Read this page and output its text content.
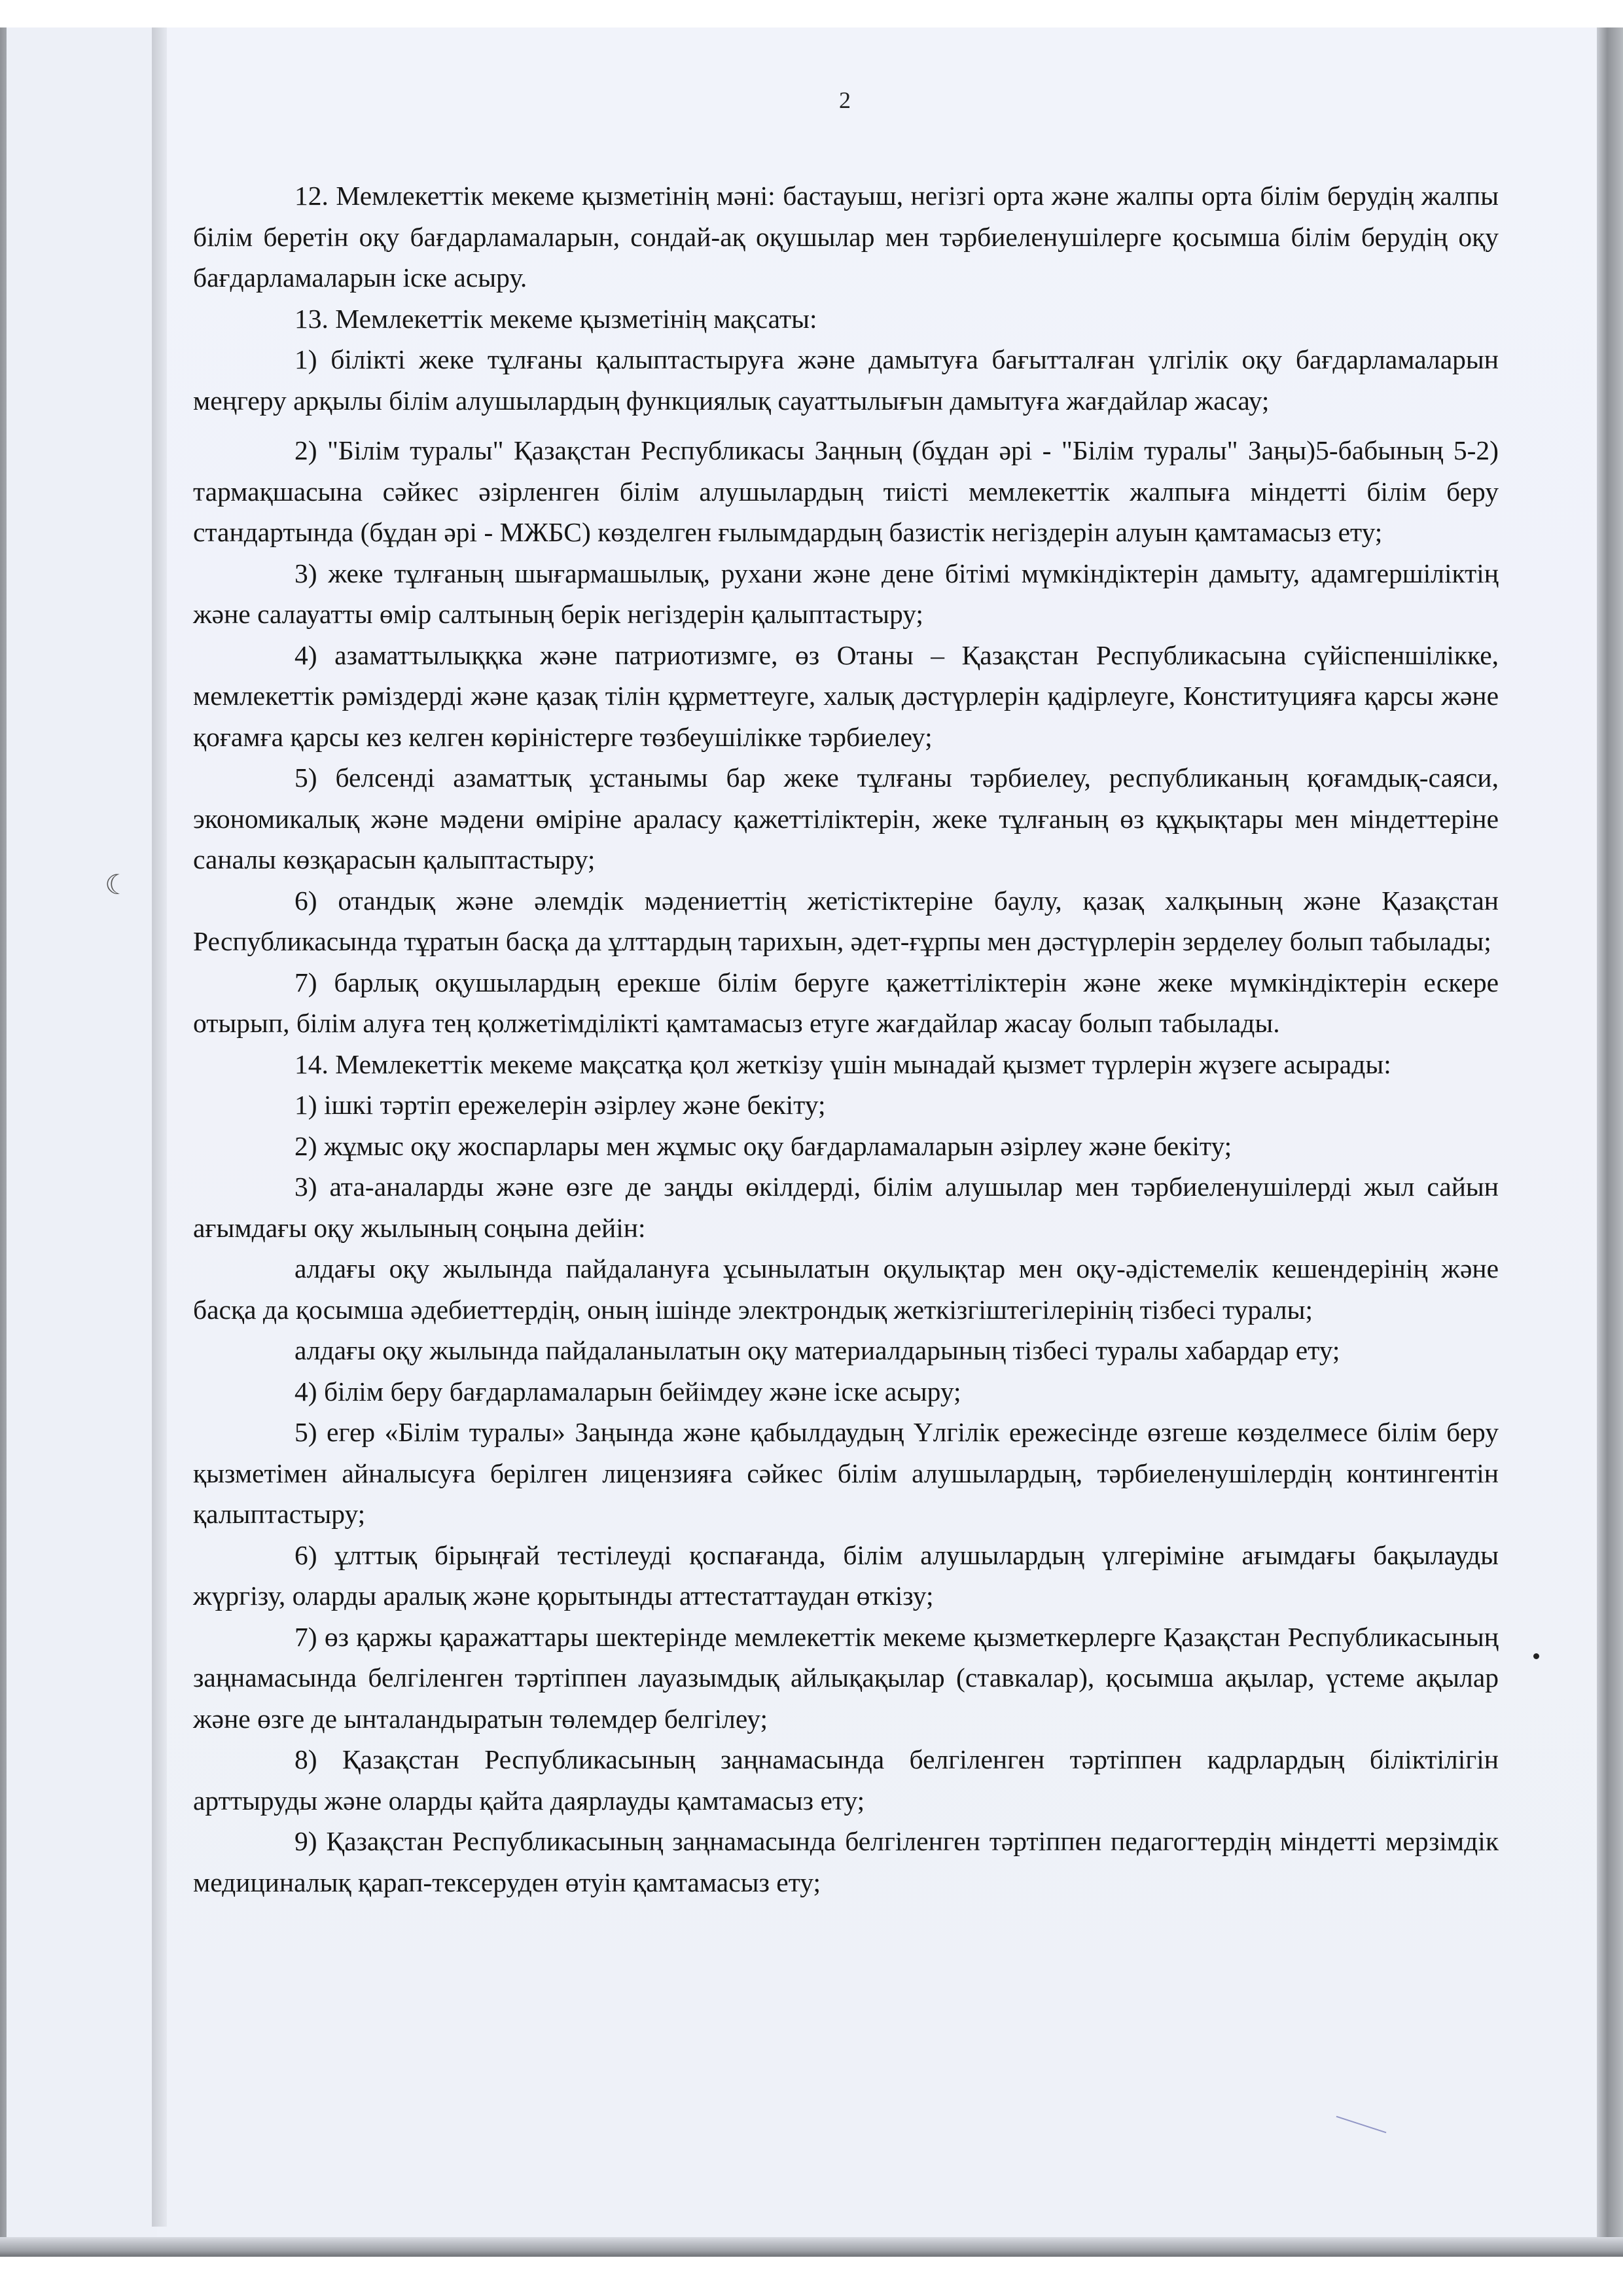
☾
2

12. Мемлекеттік мекеме қызметінің мәні: бастауыш, негізгі орта және жалпы орта білім берудің жалпы білім беретін оқу бағдарламаларын, сондай-ақ оқушылар мен тәрбиеленушілерге қосымша білім берудің оқу бағдарламаларын іске асыру.

13. Мемлекеттік мекеме қызметінің мақсаты:

1) білікті жеке тұлғаны қалыптастыруға және дамытуға бағытталған үлгілік оқу бағдарламаларын меңгеру арқылы білім алушылардың функциялық сауаттылығын дамытуға жағдайлар жасау;

2) "Білім туралы" Қазақстан Республикасы Заңның (бұдан әрі - "Білім туралы" Заңы)5-бабының 5-2) тармақшасына сәйкес әзірленген білім алушылардың тиісті мемлекеттік жалпыға міндетті білім беру стандартында (бұдан әрі - МЖБС) көзделген ғылымдардың базистік негіздерін алуын қамтамасыз ету;

3) жеке тұлғаның шығармашылық, рухани және дене бітімі мүмкіндіктерін дамыту, адамгершіліктің және салауатты өмір салтының берік негіздерін қалыптастыру;

4) азаматтылыққка және патриотизмге, өз Отаны – Қазақстан Республикасына сүйіспеншілікке, мемлекеттік рәміздерді және қазақ тілін құрметтеуге, халық дәстүрлерін қадірлеуге, Конституцияға қарсы және қоғамға қарсы кез келген көріністерге төзбеушілікке тәрбиелеу;

5) белсенді азаматтық ұстанымы бар жеке тұлғаны тәрбиелеу, республиканың қоғамдық-саяси, экономикалық және мәдени өміріне араласу қажеттіліктерін, жеке тұлғаның өз құқықтары мен міндеттеріне саналы көзқарасын қалыптастыру;

6) отандық және әлемдік мәдениеттің жетістіктеріне баулу, қазақ халқының және Қазақстан Республикасында тұратын басқа да ұлттардың тарихын, әдет-ғұрпы мен дәстүрлерін зерделеу болып табылады;

7) барлық оқушылардың ерекше білім беруге қажеттіліктерін және жеке мүмкіндіктерін ескере отырып, білім алуға тең қолжетімділікті қамтамасыз етуге жағдайлар жасау болып табылады.

14. Мемлекеттік мекеме мақсатқа қол жеткізу үшін мынадай қызмет түрлерін жүзеге асырады:

1) ішкі тәртіп ережелерін әзірлеу және бекіту;

2) жұмыс оқу жоспарлары мен жұмыс оқу бағдарламаларын әзірлеу және бекіту;

3) ата-аналарды және өзге де заңды өкілдерді, білім алушылар мен тәрбиеленушілерді жыл сайын ағымдағы оқу жылының соңына дейін:

алдағы оқу жылында пайдалануға ұсынылатын оқулықтар мен оқу-әдістемелік кешендерінің және басқа да қосымша әдебиеттердің, оның ішінде электрондық жеткізгіштегілерінің тізбесі туралы;

алдағы оқу жылында пайдаланылатын оқу материалдарының тізбесі туралы хабардар ету;

4) білім беру бағдарламаларын бейімдеу және іске асыру;

5) егер «Білім туралы» Заңында және қабылдаудың Үлгілік ережесінде өзгеше көзделмесе білім беру қызметімен айналысуға берілген лицензияға сәйкес білім алушылардың, тәрбиеленушілердің контингентін қалыптастыру;

6) ұлттық бірыңғай тестілеуді қоспағанда, білім алушылардың үлгеріміне ағымдағы бақылауды жүргізу, оларды аралық және қорытынды аттестаттаудан өткізу;

7) өз қаржы қаражаттары шектерінде мемлекеттік мекеме қызметкерлерге Қазақстан Республикасының заңнамасында белгіленген тәртіппен лауазымдық айлықақылар (ставкалар), қосымша ақылар, үстеме ақылар және өзге де ынталандыратын төлемдер белгілеу;

8) Қазақстан Республикасының заңнамасында белгіленген тәртіппен кадрлардың біліктілігін арттыруды және оларды қайта даярлауды қамтамасыз ету;

9) Қазақстан Республикасының заңнамасында белгіленген тәртіппен педагогтердің міндетті мерзімдік медициналық қарап-тексеруден өтуін қамтамасыз ету;
